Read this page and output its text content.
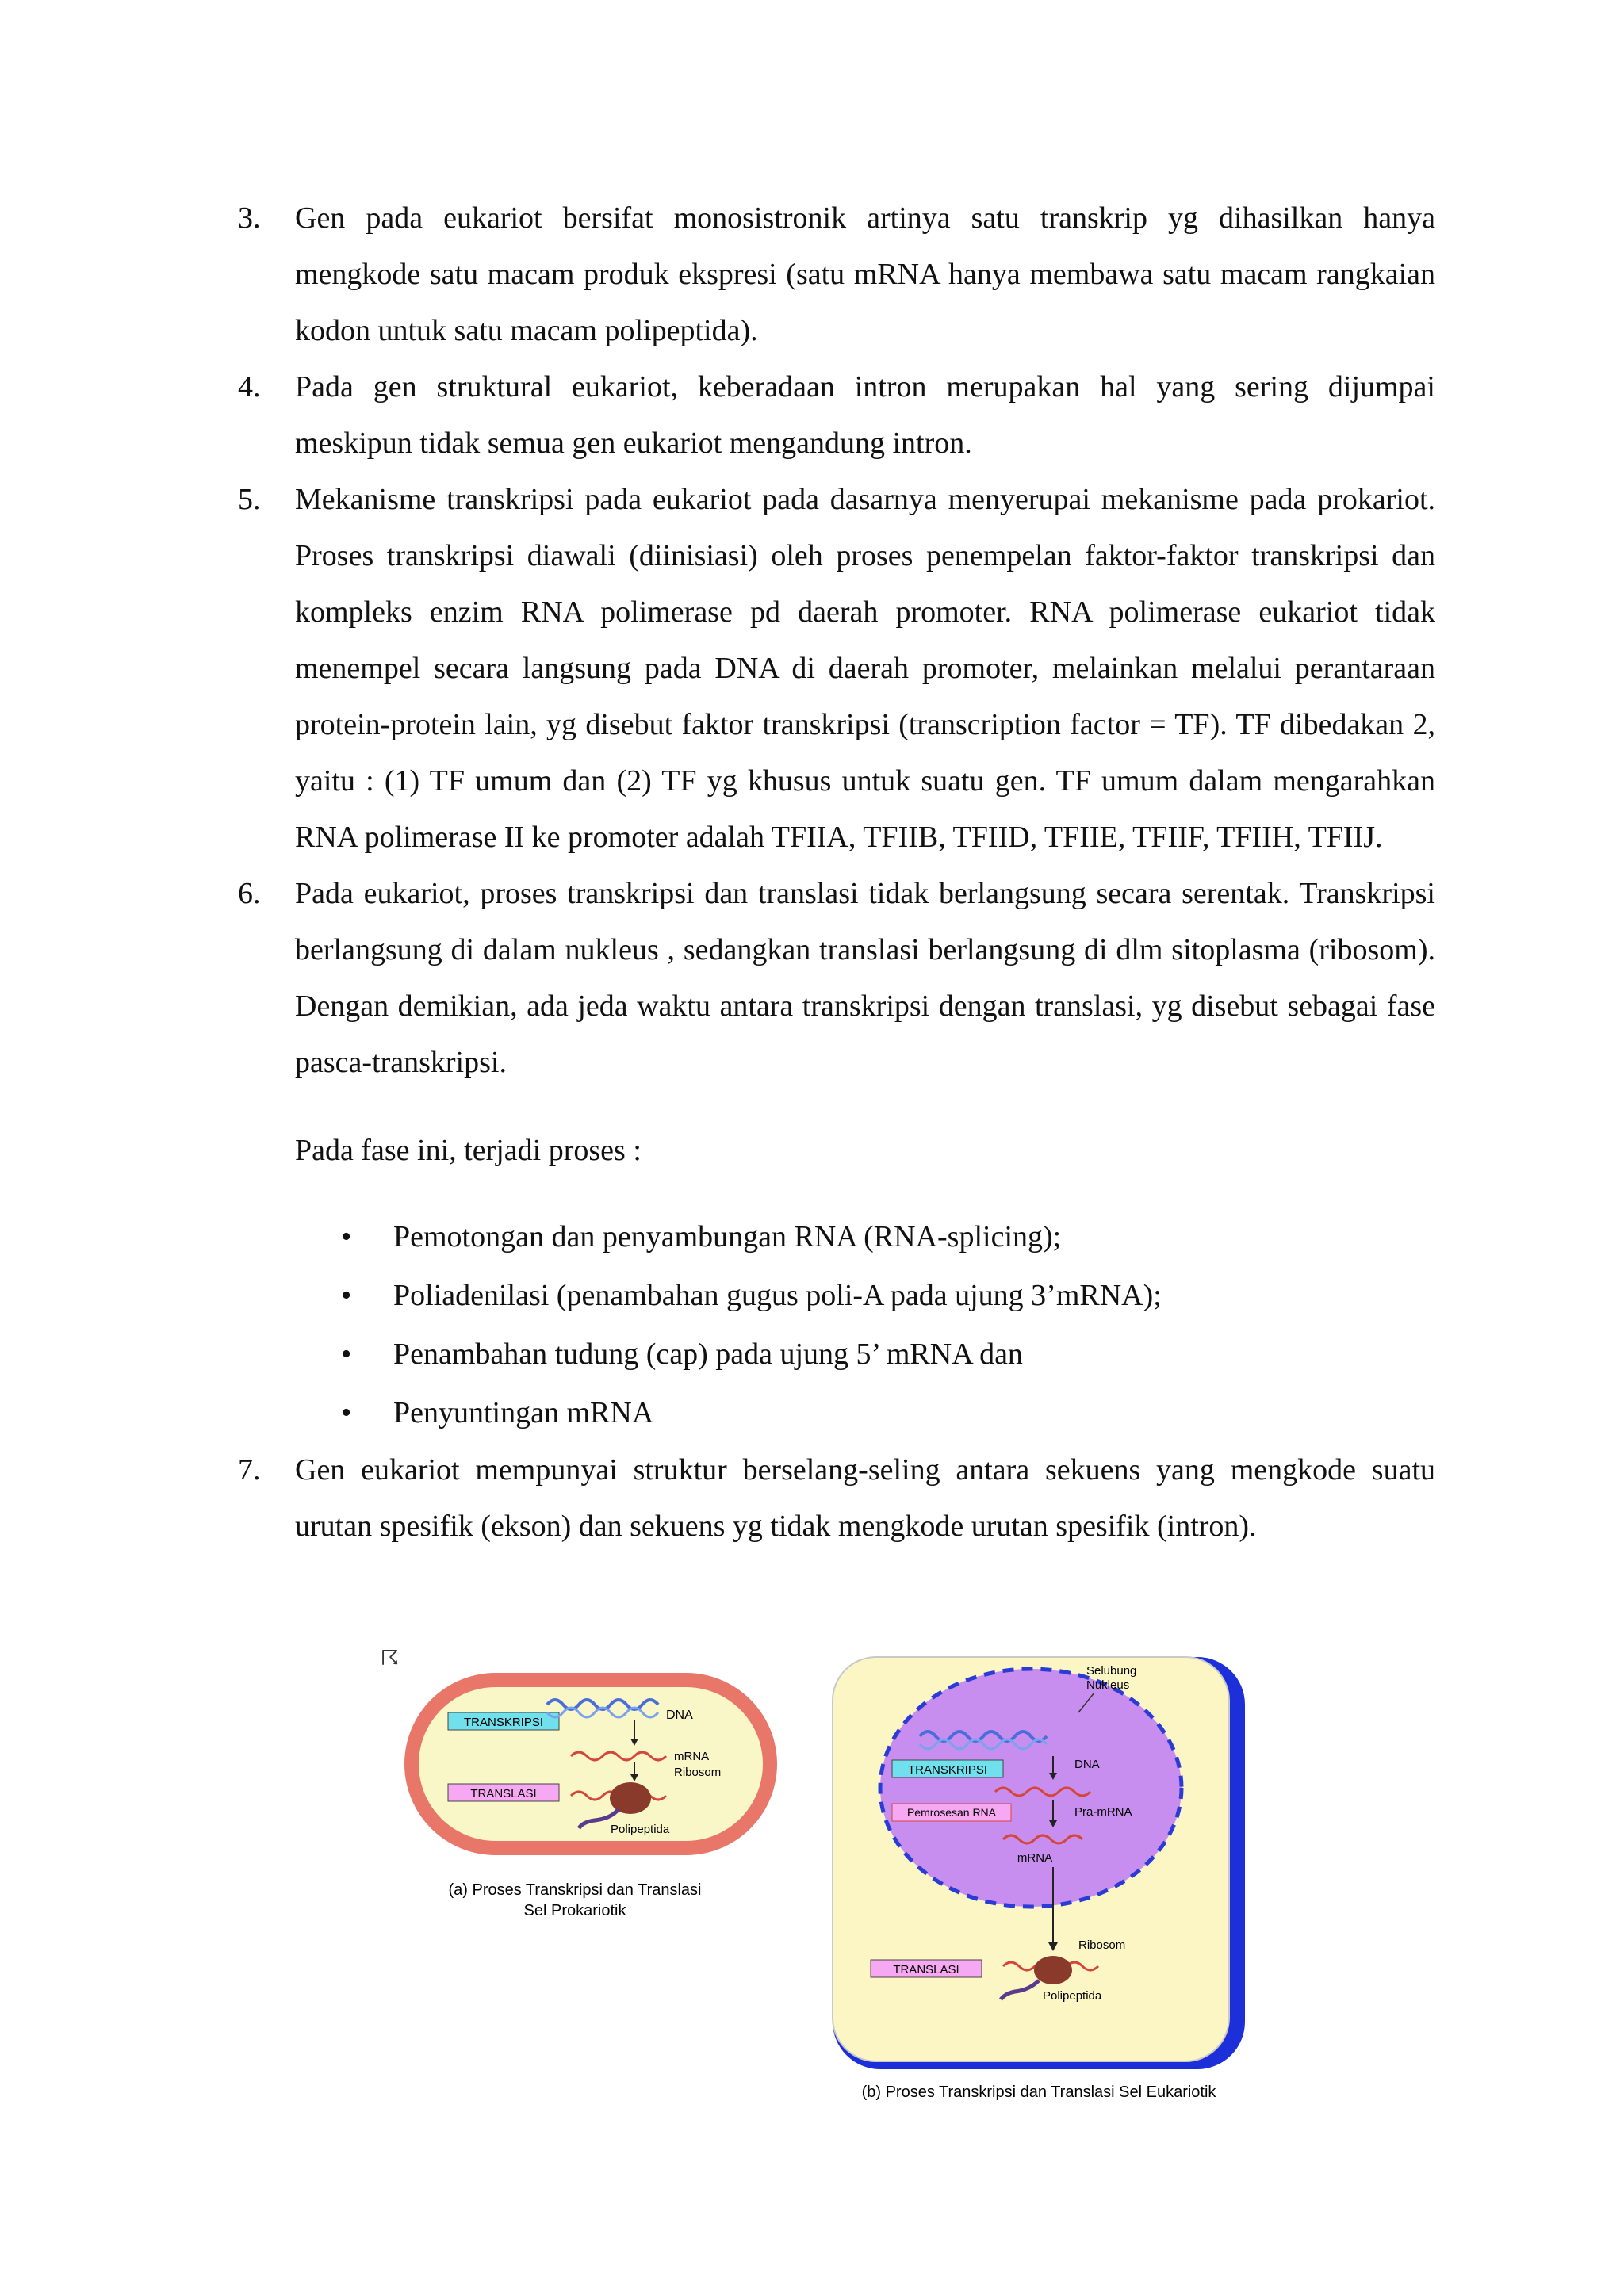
3. Gen pada eukariot bersifat monosistronik artinya satu transkrip yg dihasilkan hanya mengkode satu macam produk ekspresi (satu mRNA hanya membawa satu macam rangkaian kodon untuk satu macam polipeptida).
4. Pada gen struktural eukariot, keberadaan intron merupakan hal yang sering dijumpai meskipun tidak semua gen eukariot mengandung intron.
5. Mekanisme transkripsi pada eukariot pada dasarnya menyerupai mekanisme pada prokariot. Proses transkripsi diawali (diinisiasi) oleh proses penempelan faktor-faktor transkripsi dan kompleks enzim RNA polimerase pd daerah promoter. RNA polimerase eukariot tidak menempel secara langsung pada DNA di daerah promoter, melainkan melalui perantaraan protein-protein lain, yg disebut faktor transkripsi (transcription factor = TF). TF dibedakan 2, yaitu : (1) TF umum dan (2) TF yg khusus untuk suatu gen. TF umum dalam mengarahkan RNA polimerase II ke promoter adalah TFIIA, TFIIB, TFIID, TFIIE, TFIIF, TFIIH, TFIIJ.
6. Pada eukariot, proses transkripsi dan translasi tidak berlangsung secara serentak. Transkripsi berlangsung di dalam nukleus , sedangkan translasi berlangsung di dlm sitoplasma (ribosom). Dengan demikian, ada jeda waktu antara transkripsi dengan translasi, yg disebut sebagai fase pasca-transkripsi.
Pada fase ini, terjadi proses :
• Pemotongan dan penyambungan RNA (RNA-splicing);
• Poliadenilasi (penambahan gugus poli-A pada ujung 3’mRNA);
• Penambahan tudung (cap) pada ujung 5’ mRNA dan
• Penyuntingan mRNA
7. Gen eukariot mempunyai struktur berselang-seling antara sekuens yang mengkode suatu urutan spesifik (ekson) dan sekuens yg tidak mengkode urutan spesifik (intron).
☈
TRANSKRIPSI
TRANSLASI
DNA
mRNA
Ribosom
Polipeptida
(a) Proses Transkripsi dan Translasi
Sel Prokariotik
Selubung
Nukleus
TRANSKRIPSI	DNA
Pemrosesan RNA	Pra-mRNA
mRNA
Ribosom
TRANSLASI
Polipeptida
(b) Proses Transkripsi dan Translasi Sel Eukariotik
